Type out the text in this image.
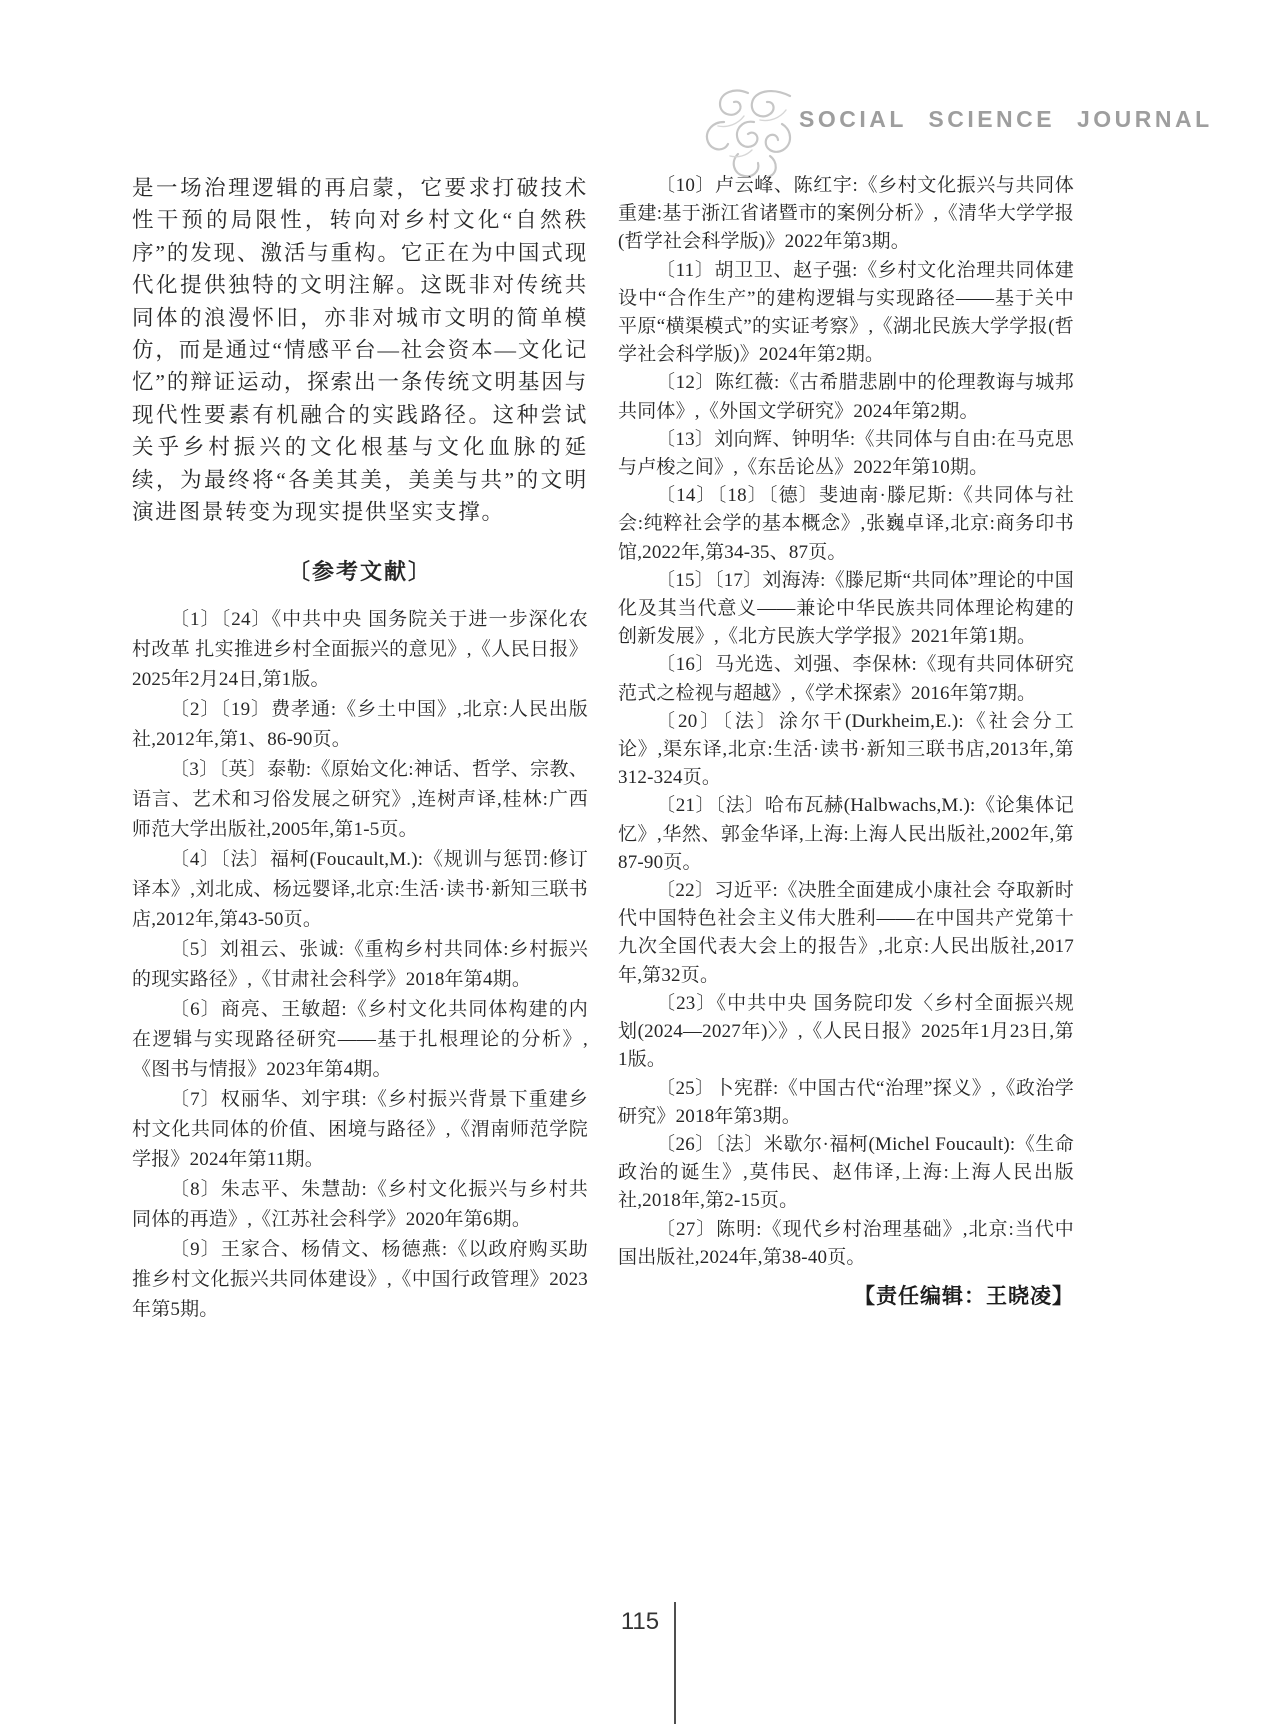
SOCIAL SCIENCE JOURNAL

是一场治理逻辑的再启蒙，它要求打破技术性干预的局限性，转向对乡村文化“自然秩序”的发现、激活与重构。它正在为中国式现代化提供独特的文明注解。这既非对传统共同体的浪漫怀旧，亦非对城市文明的简单模仿，而是通过“情感平台—社会资本—文化记忆”的辩证运动，探索出一条传统文明基因与现代性要素有机融合的实践路径。这种尝试关乎乡村振兴的文化根基与文化血脉的延续，为最终将“各美其美，美美与共”的文明演进图景转变为现实提供坚实支撑。

〔参考文献〕

〔1〕〔24〕《中共中央 国务院关于进一步深化农村改革 扎实推进乡村全面振兴的意见》,《人民日报》2025年2月24日,第1版。

〔2〕〔19〕费孝通:《乡土中国》,北京:人民出版社,2012年,第1、86-90页。

〔3〕〔英〕泰勒:《原始文化:神话、哲学、宗教、语言、艺术和习俗发展之研究》,连树声译,桂林:广西师范大学出版社,2005年,第1-5页。

〔4〕〔法〕福柯(Foucault,M.):《规训与惩罚:修订译本》,刘北成、杨远婴译,北京:生活·读书·新知三联书店,2012年,第43-50页。

〔5〕刘祖云、张诚:《重构乡村共同体:乡村振兴的现实路径》,《甘肃社会科学》2018年第4期。

〔6〕商亮、王敏超:《乡村文化共同体构建的内在逻辑与实现路径研究——基于扎根理论的分析》,《图书与情报》2023年第4期。

〔7〕权丽华、刘宇琪:《乡村振兴背景下重建乡村文化共同体的价值、困境与路径》,《渭南师范学院学报》2024年第11期。

〔8〕朱志平、朱慧劼:《乡村文化振兴与乡村共同体的再造》,《江苏社会科学》2020年第6期。

〔9〕王家合、杨倩文、杨德燕:《以政府购买助推乡村文化振兴共同体建设》,《中国行政管理》2023年第5期。

〔10〕卢云峰、陈红宇:《乡村文化振兴与共同体重建:基于浙江省诸暨市的案例分析》,《清华大学学报(哲学社会科学版)》2022年第3期。

〔11〕胡卫卫、赵子强:《乡村文化治理共同体建设中“合作生产”的建构逻辑与实现路径——基于关中平原“横渠模式”的实证考察》,《湖北民族大学学报(哲学社会科学版)》2024年第2期。

〔12〕陈红薇:《古希腊悲剧中的伦理教诲与城邦共同体》,《外国文学研究》2024年第2期。

〔13〕刘向辉、钟明华:《共同体与自由:在马克思与卢梭之间》,《东岳论丛》2022年第10期。

〔14〕〔18〕〔德〕斐迪南·滕尼斯:《共同体与社会:纯粹社会学的基本概念》,张巍卓译,北京:商务印书馆,2022年,第34-35、87页。

〔15〕〔17〕刘海涛:《滕尼斯“共同体”理论的中国化及其当代意义——兼论中华民族共同体理论构建的创新发展》,《北方民族大学学报》2021年第1期。

〔16〕马光选、刘强、李保林:《现有共同体研究范式之检视与超越》,《学术探索》2016年第7期。

〔20〕〔法〕涂尔干(Durkheim,E.):《社会分工论》,渠东译,北京:生活·读书·新知三联书店,2013年,第312-324页。

〔21〕〔法〕哈布瓦赫(Halbwachs,M.):《论集体记忆》,华然、郭金华译,上海:上海人民出版社,2002年,第87-90页。

〔22〕习近平:《决胜全面建成小康社会 夺取新时代中国特色社会主义伟大胜利——在中国共产党第十九次全国代表大会上的报告》,北京:人民出版社,2017年,第32页。

〔23〕《中共中央 国务院印发〈乡村全面振兴规划(2024—2027年)〉》,《人民日报》2025年1月23日,第1版。

〔25〕卜宪群:《中国古代“治理”探义》,《政治学研究》2018年第3期。

〔26〕〔法〕米歇尔·福柯(Michel Foucault):《生命政治的诞生》,莫伟民、赵伟译,上海:上海人民出版社,2018年,第2-15页。

〔27〕陈明:《现代乡村治理基础》,北京:当代中国出版社,2024年,第38-40页。

【责任编辑：王晓凌】
115
